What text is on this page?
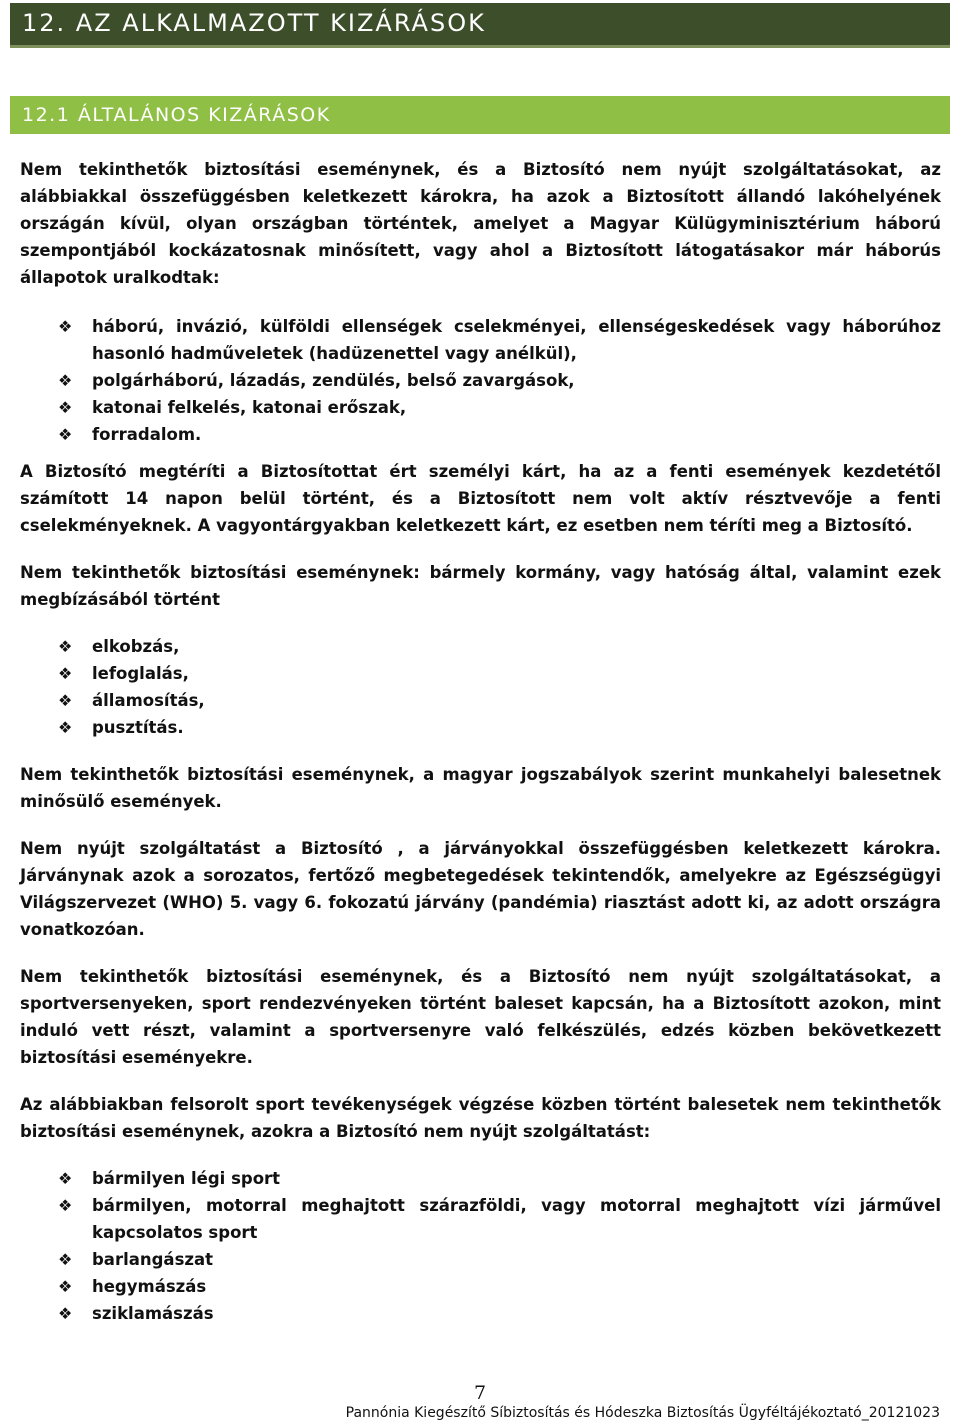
12. AZ ALKALMAZOTT KIZÁRÁSOK
12.1 ÁLTALÁNOS KIZÁRÁSOK

Nem tekinthetők biztosítási eseménynek, és a Biztosító nem nyújt szolgáltatásokat, az alábbiakkal összefüggésben keletkezett károkra, ha azok a Biztosított állandó lakóhelyének országán kívül, olyan országban történtek, amelyet a Magyar Külügyminisztérium háború szempontjából kockázatosnak minősített, vagy ahol a Biztosított látogatásakor már háborús állapotok uralkodtak:

❖ háború, invázió, külföldi ellenségek cselekményei, ellenségeskedések vagy háborúhoz hasonló hadműveletek (hadüzenettel vagy anélkül),
❖ polgárháború, lázadás, zendülés, belső zavargások,
❖ katonai felkelés, katonai erőszak,
❖ forradalom.

A Biztosító megtéríti a Biztosítottat ért személyi kárt, ha az a fenti események kezdetétől számított 14 napon belül történt, és a Biztosított nem volt aktív résztvevője a fenti cselekményeknek. A vagyontárgyakban keletkezett kárt, ez esetben nem téríti meg a Biztosító.

Nem tekinthetők biztosítási eseménynek: bármely kormány, vagy hatóság által, valamint ezek megbízásából történt

❖ elkobzás,
❖ lefoglalás,
❖ államosítás,
❖ pusztítás.

Nem tekinthetők biztosítási eseménynek, a magyar jogszabályok szerint munkahelyi balesetnek minősülő események.

Nem nyújt szolgáltatást a Biztosító , a járványokkal összefüggésben keletkezett károkra. Járványnak azok a sorozatos, fertőző megbetegedések tekintendők, amelyekre az Egészségügyi Világszervezet (WHO) 5. vagy 6. fokozatú járvány (pandémia) riasztást adott ki, az adott országra vonatkozóan.

Nem tekinthetők biztosítási eseménynek, és a Biztosító nem nyújt szolgáltatásokat, a sportversenyeken, sport rendezvényeken történt baleset kapcsán, ha a Biztosított azokon, mint induló vett részt, valamint a sportversenyre való felkészülés, edzés közben bekövetkezett biztosítási eseményekre.

Az alábbiakban felsorolt sport tevékenységek végzése közben történt balesetek nem tekinthetők biztosítási eseménynek, azokra a Biztosító nem nyújt szolgáltatást:

❖ bármilyen légi sport
❖ bármilyen, motorral meghajtott szárazföldi, vagy motorral meghajtott vízi járművel kapcsolatos sport
❖ barlangászat
❖ hegymászás
❖ sziklamászás
7
Pannónia Kiegészítő Síbiztosítás és Hódeszka Biztosítás Ügyféltájékoztató_20121023
